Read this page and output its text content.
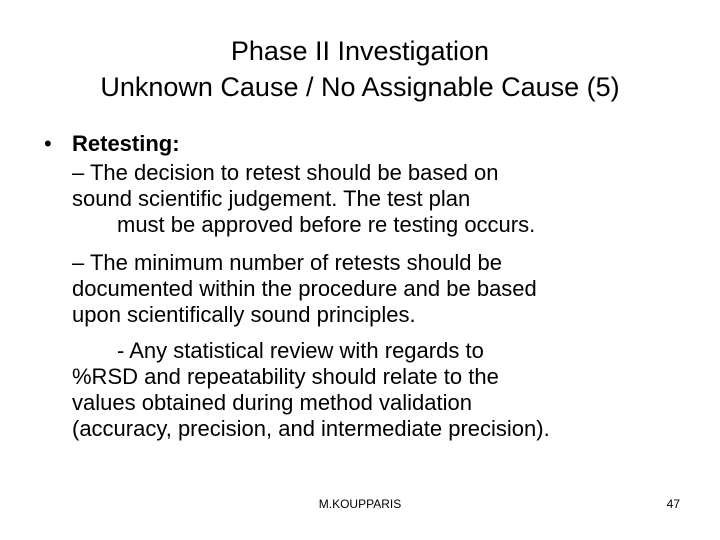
Phase II Investigation
Unknown Cause / No Assignable Cause (5)
• Retesting:
– The decision to retest should be based on
sound scientific judgement. The test plan
must be approved before re testing occurs.
– The minimum number of retests should be
documented within the procedure and be based
upon scientifically sound principles.
- Any statistical review with regards to
%RSD and repeatability should relate to the
values obtained during method validation
(accuracy, precision, and intermediate precision).
M.KOUPPARIS	47
